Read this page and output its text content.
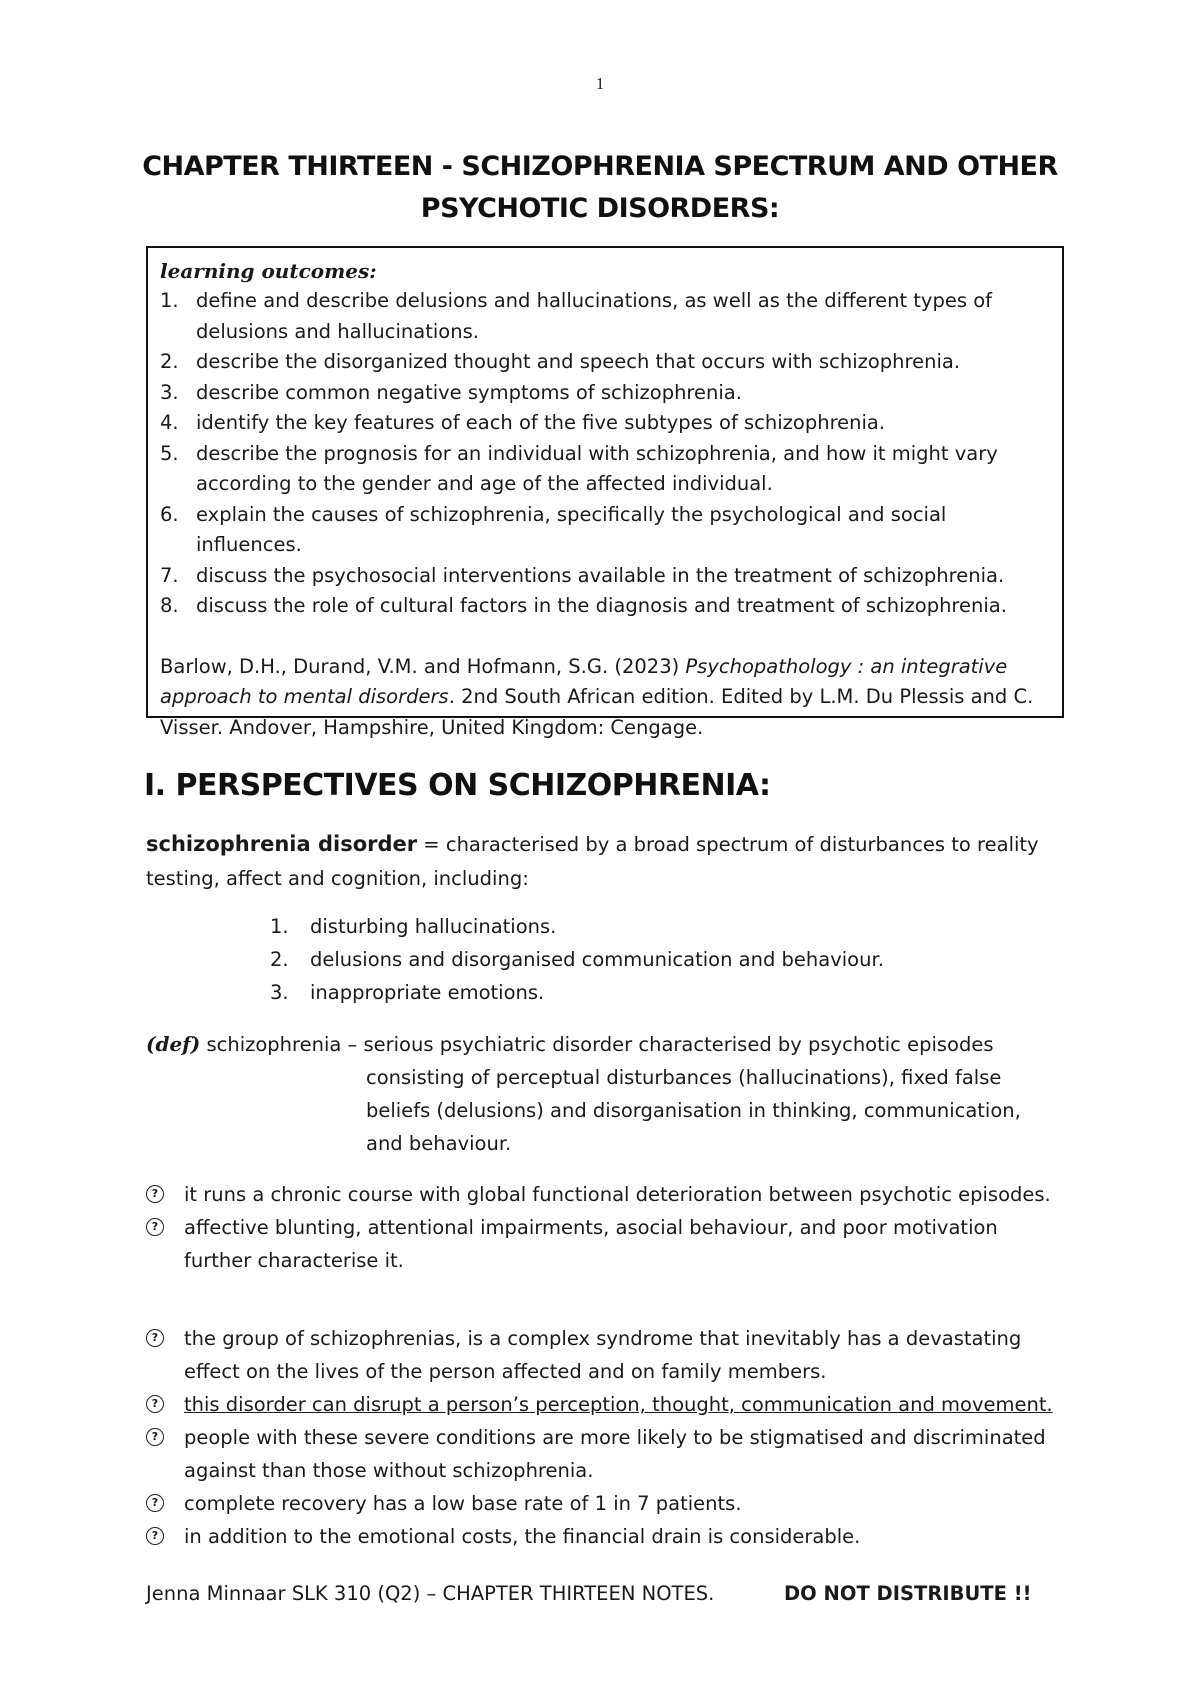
1
CHAPTER THIRTEEN - SCHIZOPHRENIA SPECTRUM AND OTHER
PSYCHOTIC DISORDERS:
learning outcomes:
1. define and describe delusions and hallucinations, as well as the different types of delusions and hallucinations.
2. describe the disorganized thought and speech that occurs with schizophrenia.
3. describe common negative symptoms of schizophrenia.
4. identify the key features of each of the five subtypes of schizophrenia.
5. describe the prognosis for an individual with schizophrenia, and how it might vary according to the gender and age of the affected individual.
6. explain the causes of schizophrenia, specifically the psychological and social influences.
7. discuss the psychosocial interventions available in the treatment of schizophrenia.
8. discuss the role of cultural factors in the diagnosis and treatment of schizophrenia.
Barlow, D.H., Durand, V.M. and Hofmann, S.G. (2023) Psychopathology : an integrative approach to mental disorders. 2nd South African edition. Edited by L.M. Du Plessis and C. Visser. Andover, Hampshire, United Kingdom: Cengage.
I. PERSPECTIVES ON SCHIZOPHRENIA:
schizophrenia disorder = characterised by a broad spectrum of disturbances to reality testing, affect and cognition, including:
1. disturbing hallucinations.
2. delusions and disorganised communication and behaviour.
3. inappropriate emotions.
(def) schizophrenia – serious psychiatric disorder characterised by psychotic episodes
consisting of perceptual disturbances (hallucinations), fixed false
beliefs (delusions) and disorganisation in thinking, communication,
and behaviour.
? it runs a chronic course with global functional deterioration between psychotic episodes.
? affective blunting, attentional impairments, asocial behaviour, and poor motivation further characterise it.
? the group of schizophrenias, is a complex syndrome that inevitably has a devastating effect on the lives of the person affected and on family members.
? this disorder can disrupt a person’s perception, thought, communication and movement.
? people with these severe conditions are more likely to be stigmatised and discriminated against than those without schizophrenia.
? complete recovery has a low base rate of 1 in 7 patients.
? in addition to the emotional costs, the financial drain is considerable.
Jenna Minnaar SLK 310 (Q2) – CHAPTER THIRTEEN NOTES.	DO NOT DISTRIBUTE !!
